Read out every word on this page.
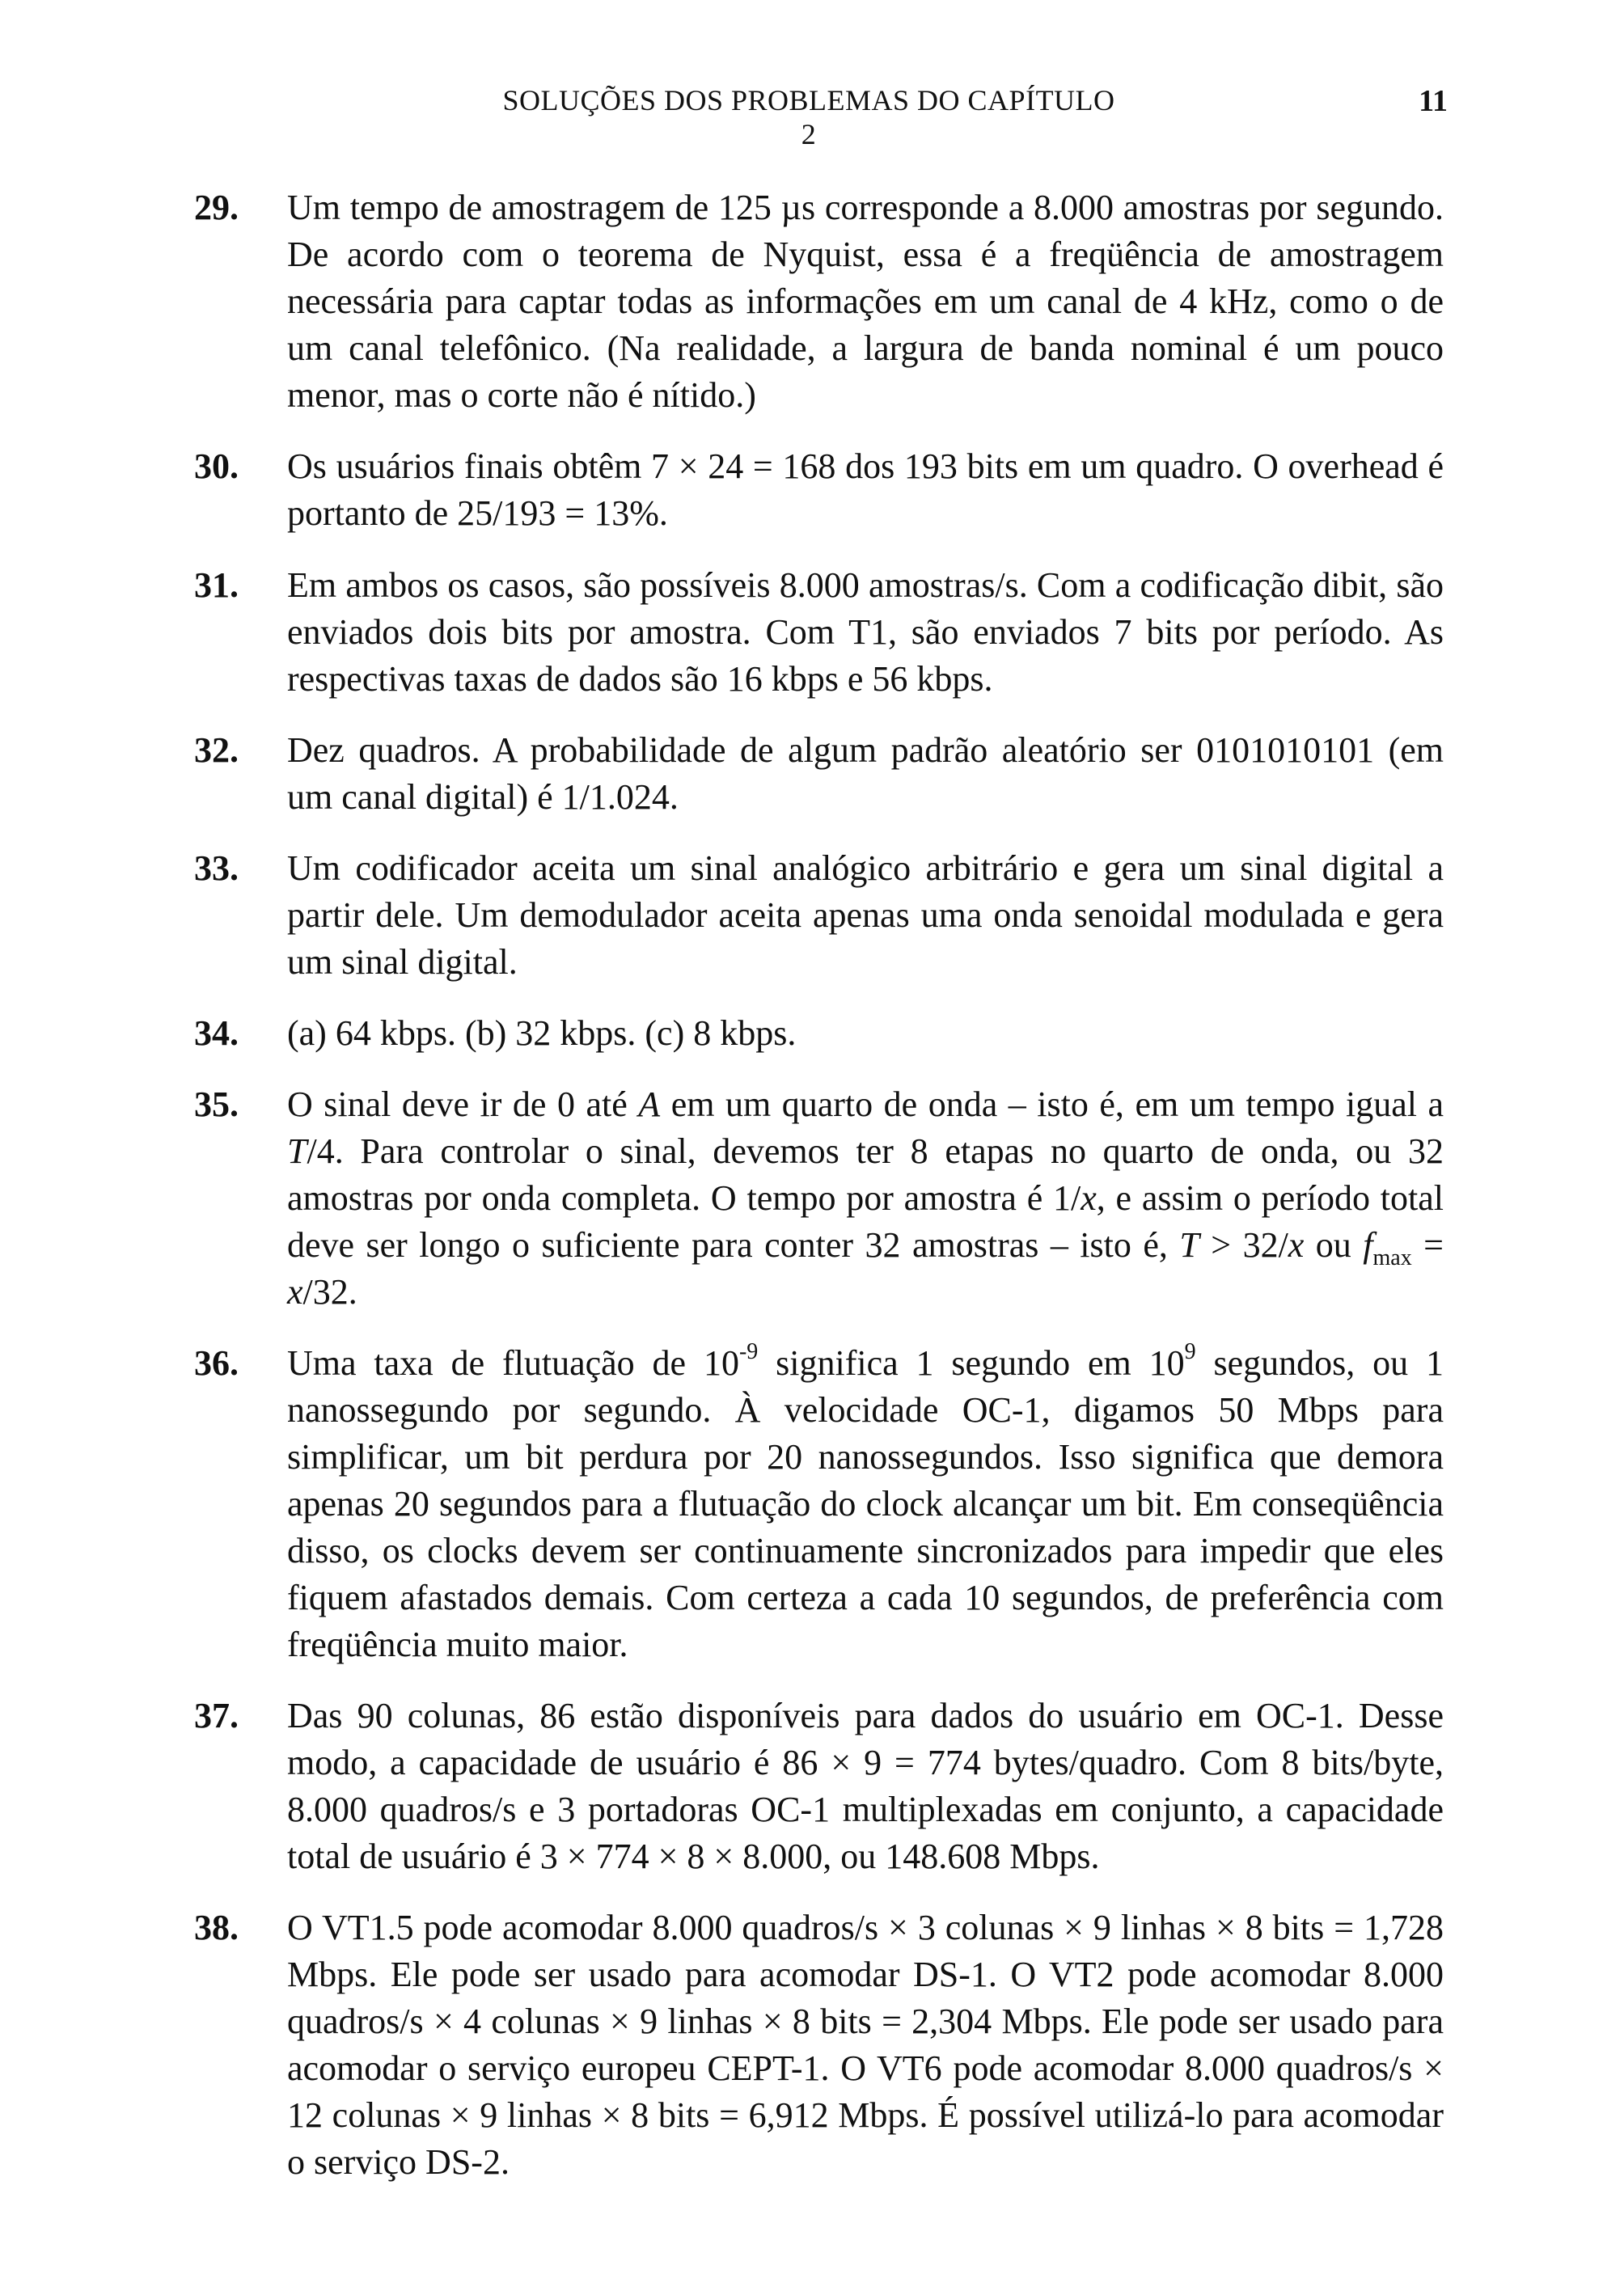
SOLUÇÕES DOS PROBLEMAS DO CAPÍTULO 2
11
29. Um tempo de amostragem de 125 µs corresponde a 8.000 amostras por segundo. De acordo com o teorema de Nyquist, essa é a freqüência de amostragem necessária para captar todas as informações em um canal de 4 kHz, como o de um canal telefônico. (Na realidade, a largura de banda nominal é um pouco menor, mas o corte não é nítido.)
30. Os usuários finais obtêm 7 × 24 = 168 dos 193 bits em um quadro. O overhead é portanto de 25/193 = 13%.
31. Em ambos os casos, são possíveis 8.000 amostras/s. Com a codificação dibit, são enviados dois bits por amostra. Com T1, são enviados 7 bits por período. As respectivas taxas de dados são 16 kbps e 56 kbps.
32. Dez quadros. A probabilidade de algum padrão aleatório ser 0101010101 (em um canal digital) é 1/1.024.
33. Um codificador aceita um sinal analógico arbitrário e gera um sinal digital a partir dele. Um demodulador aceita apenas uma onda senoidal modulada e gera um sinal digital.
34. (a) 64 kbps. (b) 32 kbps. (c) 8 kbps.
35. O sinal deve ir de 0 até A em um quarto de onda – isto é, em um tempo igual a T/4. Para controlar o sinal, devemos ter 8 etapas no quarto de onda, ou 32 amostras por onda completa. O tempo por amostra é 1/x, e assim o período total deve ser longo o suficiente para conter 32 amostras – isto é, T > 32/x ou $f_{max} = x/32$.
36. Uma taxa de flutuação de $10^{-9}$ significa 1 segundo em $10^9$ segundos, ou 1 nanossegundo por segundo. À velocidade OC-1, digamos 50 Mbps para simplificar, um bit perdura por 20 nanossegundos. Isso significa que demora apenas 20 segundos para a flutuação do clock alcançar um bit. Em conseqüência disso, os clocks devem ser continuamente sincronizados para impedir que eles fiquem afastados demais. Com certeza a cada 10 segundos, de preferência com freqüência muito maior.
37. Das 90 colunas, 86 estão disponíveis para dados do usuário em OC-1. Desse modo, a capacidade de usuário é 86 × 9 = 774 bytes/quadro. Com 8 bits/byte, 8.000 quadros/s e 3 portadoras OC-1 multiplexadas em conjunto, a capacidade total de usuário é 3 × 774 × 8 × 8.000, ou 148.608 Mbps.
38. O VT1.5 pode acomodar 8.000 quadros/s × 3 colunas × 9 linhas × 8 bits = 1,728 Mbps. Ele pode ser usado para acomodar DS-1. O VT2 pode acomodar 8.000 quadros/s × 4 colunas × 9 linhas × 8 bits = 2,304 Mbps. Ele pode ser usado para acomodar o serviço europeu CEPT-1. O VT6 pode acomodar 8.000 quadros/s × 12 colunas × 9 linhas × 8 bits = 6,912 Mbps. É possível utilizá-lo para acomodar o serviço DS-2.
